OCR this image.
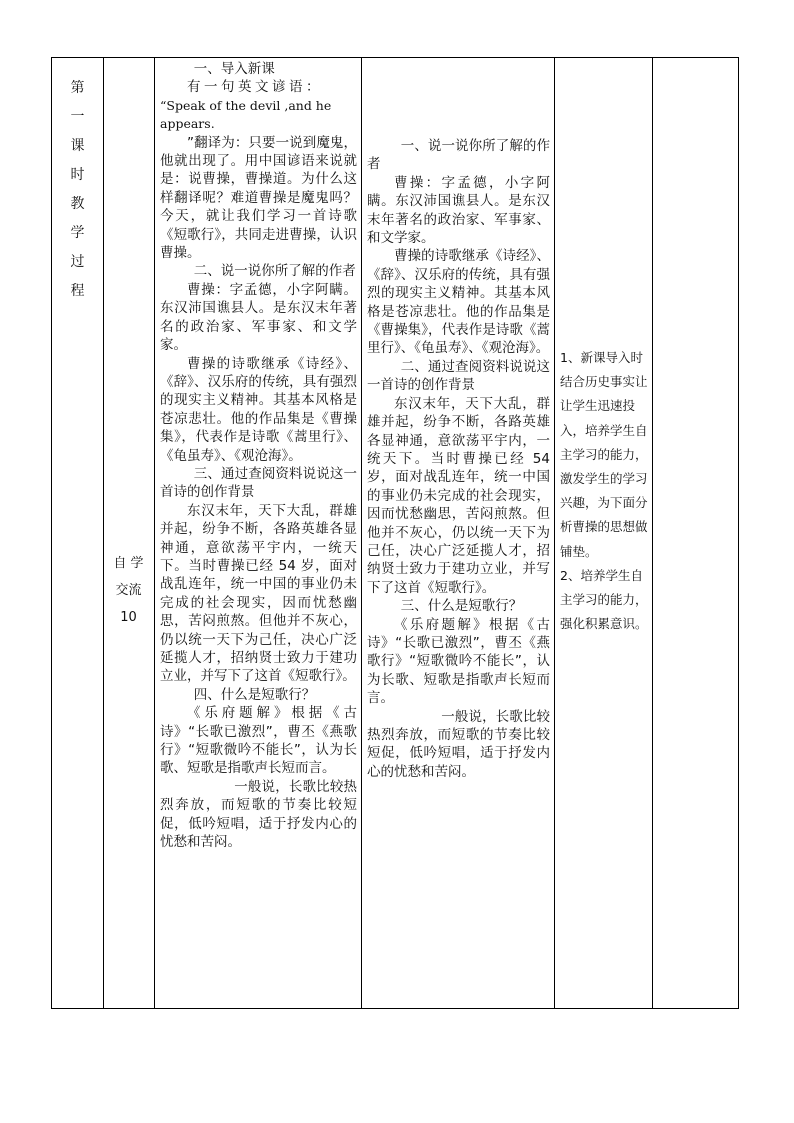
第
一
课
时
教
学
过
程
自 学
交流
10

一、导入新课

有一句英文谚语：

“Speak of the devil ,and he appears.

”翻译为：只要一说到魔鬼，他就出现了。用中国谚语来说就是：说曹操，曹操道。为什么这样翻译呢？难道曹操是魔鬼吗？今天，就让我们学习一首诗歌《短歌行》，共同走进曹操，认识曹操。

二、说一说你所了解的作者

曹操：字孟德，小字阿瞒。东汉沛国谯县人。是东汉末年著名的政治家、军事家、和文学家。

曹操的诗歌继承《诗经》、《辞》、汉乐府的传统，具有强烈的现实主义精神。其基本风格是苍凉悲壮。他的作品集是《曹操集》，代表作是诗歌《蒿里行》、《龟虽寿》、《观沧海》。

三、通过查阅资料说说这一首诗的创作背景

东汉末年，天下大乱，群雄并起，纷争不断，各路英雄各显神通，意欲荡平宇内，一统天下。当时曹操已经 54 岁，面对战乱连年，统一中国的事业仍未完成的社会现实，因而忧愁幽思，苦闷煎熬。但他并不灰心，仍以统一天下为己任，决心广泛延揽人才，招纳贤士致力于建功立业，并写下了这首《短歌行》。

四、什么是短歌行？

《乐府题解》根据《古诗》“长歌已激烈”，曹丕《燕歌行》“短歌微吟不能长”，认为长歌、短歌是指歌声长短而言。

一般说，长歌比较热烈奔放，而短歌的节奏比较短促，低吟短唱，适于抒发内心的忧愁和苦闷。

一、说一说你所了解的作者

曹操：字孟德，小字阿瞒。东汉沛国谯县人。是东汉末年著名的政治家、军事家、和文学家。

曹操的诗歌继承《诗经》、《辞》、汉乐府的传统，具有强烈的现实主义精神。其基本风格是苍凉悲壮。他的作品集是《曹操集》，代表作是诗歌《蒿里行》、《龟虽寿》、《观沧海》。

二、通过查阅资料说说这一首诗的创作背景

东汉末年，天下大乱，群雄并起，纷争不断，各路英雄各显神通，意欲荡平宇内，一统天下。当时曹操已经 54 岁，面对战乱连年，统一中国的事业仍未完成的社会现实，因而忧愁幽思，苦闷煎熬。但他并不灰心，仍以统一天下为己任，决心广泛延揽人才，招纳贤士致力于建功立业，并写下了这首《短歌行》。

三、什么是短歌行？

《乐府题解》根据《古诗》“长歌已激烈”，曹丕《燕歌行》“短歌微吟不能长”，认为长歌、短歌是指歌声长短而言。

一般说，长歌比较热烈奔放，而短歌的节奏比较短促，低吟短唱，适于抒发内心的忧愁和苦闷。

1、新课导入时结合历史事实让让学生迅速投入，培养学生自主学习的能力，激发学生的学习兴趣，为下面分析曹操的思想做铺垫。

2、培养学生自主学习的能力，强化积累意识。
